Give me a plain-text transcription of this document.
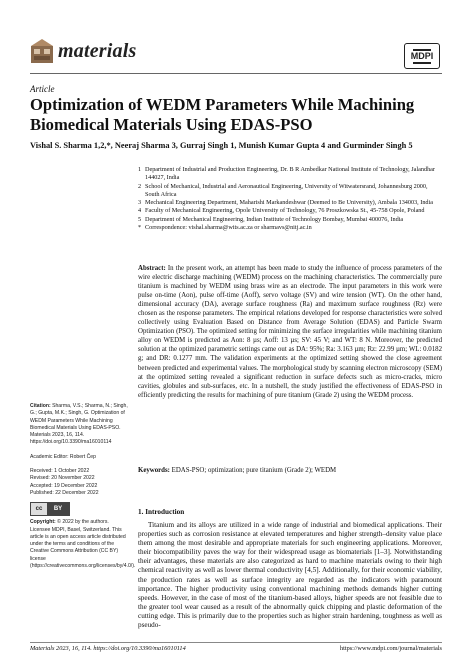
materials	MDPI
Article
Optimization of WEDM Parameters While Machining Biomedical Materials Using EDAS-PSO
Vishal S. Sharma 1,2,*, Neeraj Sharma 3, Gurraj Singh 1, Munish Kumar Gupta 4 and Gurminder Singh 5
1 Department of Industrial and Production Engineering, Dr. B R Ambedkar National Institute of Technology, Jalandhar 144027, India
2 School of Mechanical, Industrial and Aeronautical Engineering, University of Witwatersrand, Johannesburg 2000, South Africa
3 Mechanical Engineering Department, Maharishi Markandeshwar (Deemed to Be University), Ambala 134003, India
4 Faculty of Mechanical Engineering, Opole University of Technology, 76 Proszkowska St., 45-758 Opole, Poland
5 Department of Mechanical Engineering, Indian Institute of Technology Bombay, Mumbai 400076, India
* Correspondence: vishal.sharma@wits.ac.za or sharmavs@nitj.ac.in
Abstract: In the present work, an attempt has been made to study the influence of process parameters of the wire electric discharge machining (WEDM) process on the machining characteristics. The commercially pure titanium is machined by WEDM using brass wire as an electrode. The input parameters in this work were pulse on-time (Aon), pulse off-time (Aoff), servo voltage (SV) and wire tension (WT). On the other hand, dimensional accuracy (DA), average surface roughness (Ra) and maximum surface roughness (Rz) were chosen as the response parameters. The empirical relations developed for response characteristics were solved collectively using Evaluation Based on Distance from Average Solution (EDAS) and Particle Swarm Optimization (PSO). The optimized setting for minimizing the surface irregularities while machining titanium alloy on WEDM is predicted as Aon: 8 µs; Aoff: 13 µs; SV: 45 V; and WT: 8 N. Moreover, the predicted solution at the optimized parametric settings came out as DA: 95%; Ra: 3.163 µm; Rz: 22.99 µm; WL: 0.0182 g; and DR: 0.1277 mm. The validation experiments at the optimized setting showed the close agreement between predicted and experimental values. The morphological study by scanning electron microscopy (SEM) at the optimized setting revealed a significant reduction in surface defects such as micro-cracks, micro cavities, globules and sub-surfaces, etc. In a nutshell, the study justified the effectiveness of EDAS-PSO in efficiently predicting the results for machining of pure titanium (Grade 2) using the WEDM process.
Keywords: EDAS-PSO; optimization; pure titanium (Grade 2); WEDM
1. Introduction
Titanium and its alloys are utilized in a wide range of industrial and biomedical applications. Their properties such as corrosion resistance at elevated temperatures and higher strength–density value place them among the most desirable and appropriate materials for such engineering applications. Moreover, their biocompatibility paves the way for their widespread usage as biomaterials [1–3]. Notwithstanding their advantages, these materials are also categorized as hard to machine materials owing to their high chemical reactivity as well as lower thermal conductivity [4,5]. Additionally, for their economic viability, the production rates as well as surface integrity are regarded as the indicators with paramount importance. The higher productivity using conventional machining methods demands higher cutting speeds. However, in the case of most of the titanium-based alloys, higher speeds are not feasible due to the greater tool wear caused as a result of the abnormally quick chipping and plastic deformation of the cutting edge. This is primarily due to the properties such as higher strain hardening, toughness as well as pseudo-
Citation: Sharma, V.S.; Sharma, N.; Singh, G.; Gupta, M.K.; Singh, G. Optimization of WEDM Parameters While Machining Biomedical Materials Using EDAS-PSO. Materials 2023, 16, 114. https://doi.org/10.3390/ma16010114
Academic Editor: Robert Čep
Received: 1 October 2022
Revised: 20 November 2022
Accepted: 19 December 2022
Published: 22 December 2022
cc	BY
Copyright: © 2022 by the authors. Licensee MDPI, Basel, Switzerland. This article is an open access article distributed under the terms and conditions of the Creative Commons Attribution (CC BY) license (https://creativecommons.org/licenses/by/4.0/).
Materials 2023, 16, 114. https://doi.org/10.3390/ma16010114	https://www.mdpi.com/journal/materials
